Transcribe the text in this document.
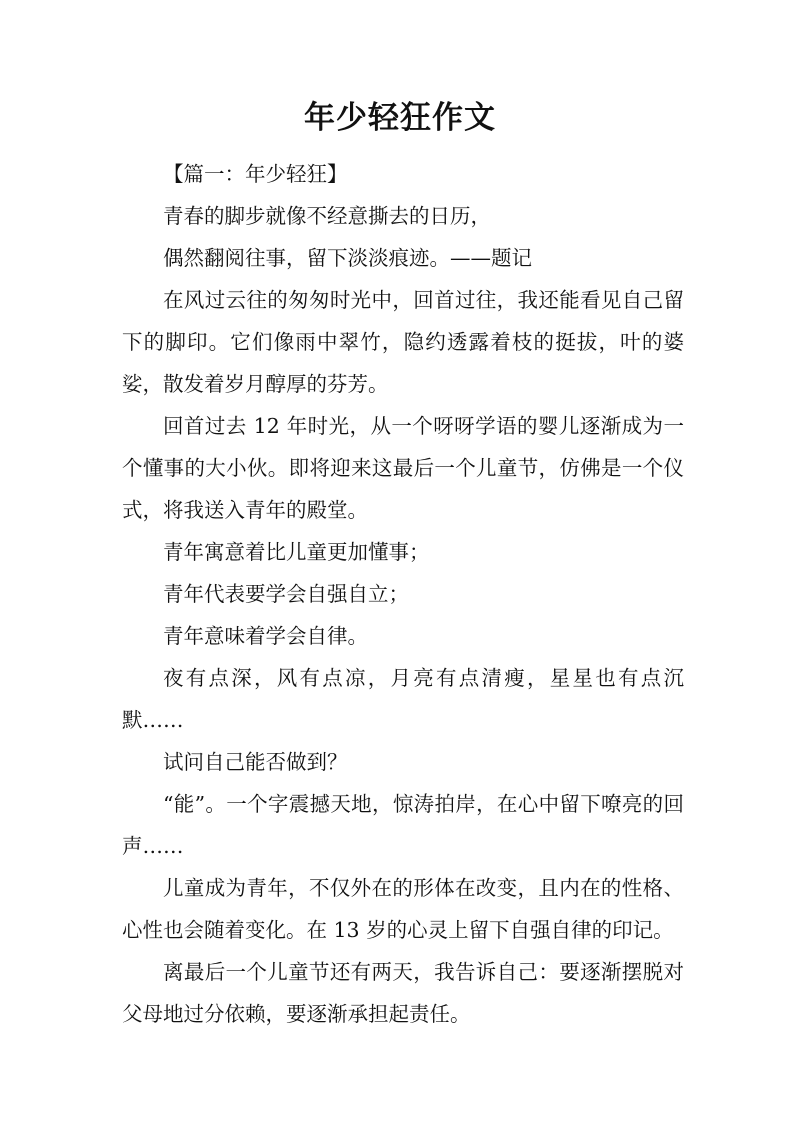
年少轻狂作文

【篇一：年少轻狂】

青春的脚步就像不经意撕去的日历，

偶然翻阅往事，留下淡淡痕迹。——题记

在风过云往的匆匆时光中，回首过往，我还能看见自己留下的脚印。它们像雨中翠竹，隐约透露着枝的挺拔，叶的婆娑，散发着岁月醇厚的芬芳。

回首过去 12 年时光，从一个呀呀学语的婴儿逐渐成为一个懂事的大小伙。即将迎来这最后一个儿童节，仿佛是一个仪式，将我送入青年的殿堂。

青年寓意着比儿童更加懂事；

青年代表要学会自强自立；

青年意味着学会自律。

夜有点深，风有点凉，月亮有点清瘦，星星也有点沉默……

试问自己能否做到？

“能”。一个字震撼天地，惊涛拍岸，在心中留下嘹亮的回声……

儿童成为青年，不仅外在的形体在改变，且内在的性格、心性也会随着变化。在 13 岁的心灵上留下自强自律的印记。

离最后一个儿童节还有两天，我告诉自己：要逐渐摆脱对父母地过分依赖，要逐渐承担起责任。
